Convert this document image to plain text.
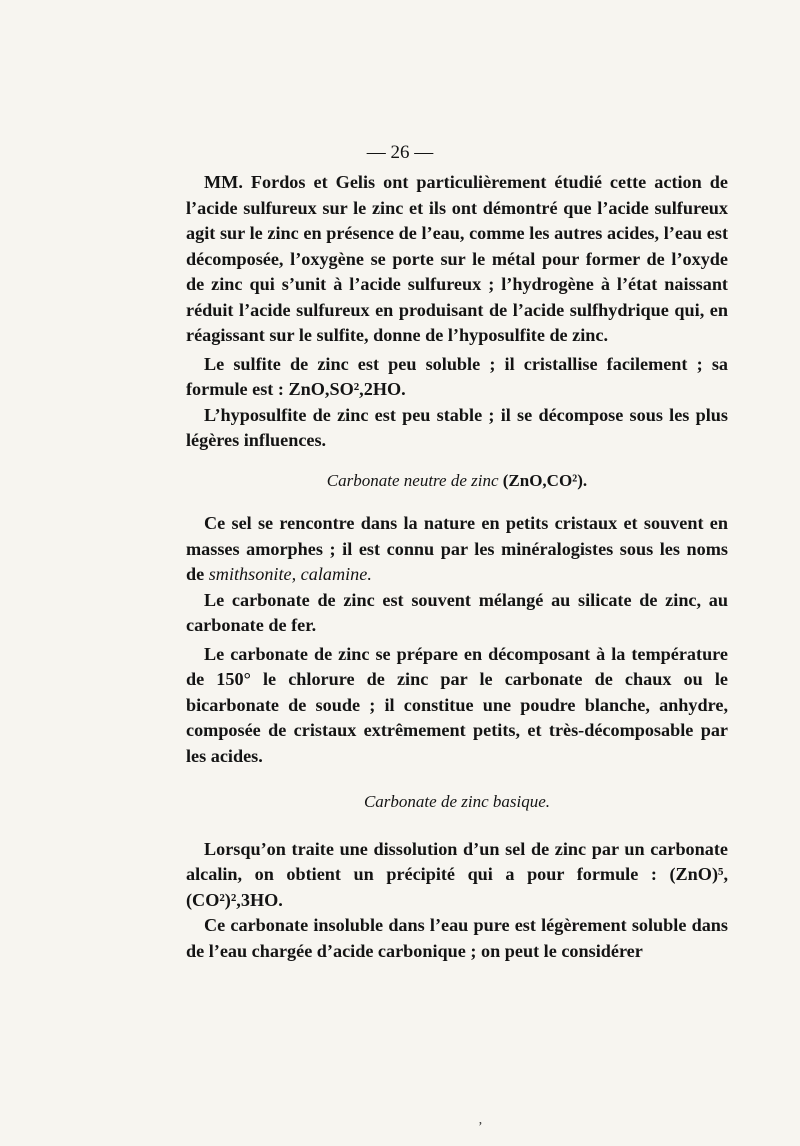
— 26 —

MM. Fordos et Gelis ont particulièrement étudié cette action de l’acide sulfureux sur le zinc et ils ont démontré que l’acide sulfureux agit sur le zinc en présence de l’eau, comme les autres acides, l’eau est décomposée, l’oxygène se porte sur le métal pour former de l’oxyde de zinc qui s’unit à l’acide sulfureux ; l’hydrogène à l’état naissant réduit l’acide sulfureux en produisant de l’acide sulfhydrique qui, en réagissant sur le sulfite, donne de l’hyposulfite de zinc.

Le sulfite de zinc est peu soluble ; il cristallise facilement ; sa formule est : ZnO,SO²,2HO.

L’hyposulfite de zinc est peu stable ; il se décompose sous les plus légères influences.

Carbonate neutre de zinc (ZnO,CO²).

Ce sel se rencontre dans la nature en petits cristaux et souvent en masses amorphes ; il est connu par les minéralogistes sous les noms de smithsonite, calamine.

Le carbonate de zinc est souvent mélangé au silicate de zinc, au carbonate de fer.

Le carbonate de zinc se prépare en décomposant à la température de 150° le chlorure de zinc par le carbonate de chaux ou le bicarbonate de soude ; il constitue une poudre blanche, anhydre, composée de cristaux extrêmement petits, et très-décomposable par les acides.

Carbonate de zinc basique.

Lorsqu’on traite une dissolution d’un sel de zinc par un carbonate alcalin, on obtient un précipité qui a pour formule : (ZnO)⁵,(CO²)²,3HO.

Ce carbonate insoluble dans l’eau pure est légèrement soluble dans de l’eau chargée d’acide carbonique ; on peut le considérer

ʼ
